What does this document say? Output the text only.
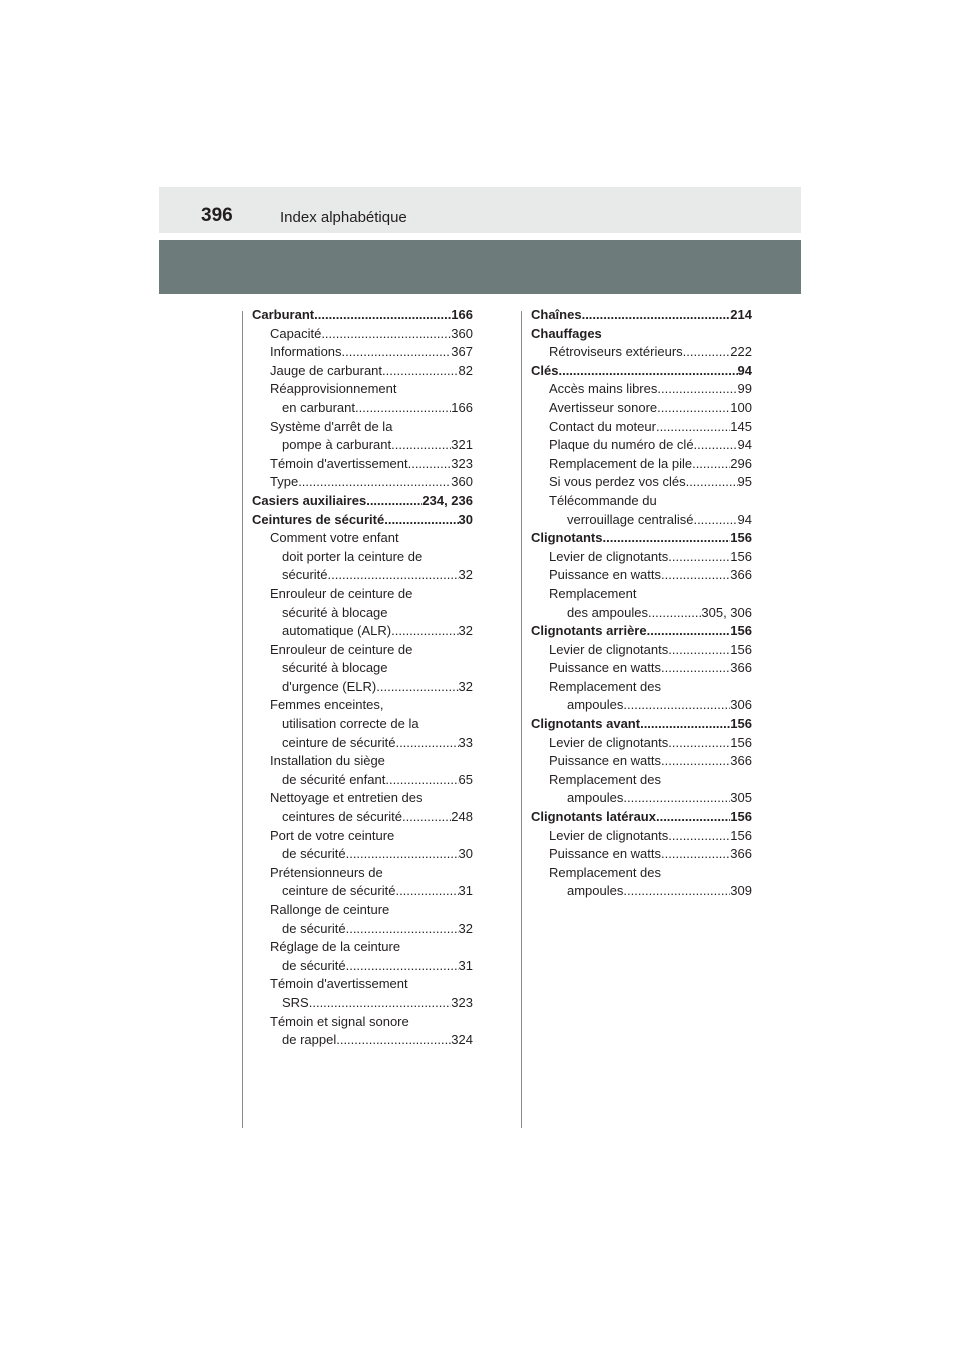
396	Index alphabétique
Carburant .....	166
Capacité .....	360
Informations .....	367
Jauge de carburant .....	82
Réapprovisionnement
en carburant .....	166
Système d'arrêt de la
pompe à carburant .....	321
Témoin d'avertissement .....	323
Type .....	360
Casiers auxiliaires .....	234, 236
Ceintures de sécurité .....	30
Comment votre enfant
doit porter la ceinture de
sécurité .....	32
Enrouleur de ceinture de
sécurité à blocage
automatique (ALR) .....	32
Enrouleur de ceinture de
sécurité à blocage
d'urgence (ELR) .....	32
Femmes enceintes,
utilisation correcte de la
ceinture de sécurité .....	33
Installation du siège
de sécurité enfant .....	65
Nettoyage et entretien des
ceintures de sécurité .....	248
Port de votre ceinture
de sécurité .....	30
Prétensionneurs de
ceinture de sécurité .....	31
Rallonge de ceinture
de sécurité .....	32
Réglage de la ceinture
de sécurité .....	31
Témoin d'avertissement
SRS .....	323
Témoin et signal sonore
de rappel .....	324
Chaînes .....	214
Chauffages
Rétroviseurs extérieurs .....	222
Clés .....	94
Accès mains libres .....	99
Avertisseur sonore .....	100
Contact du moteur .....	145
Plaque du numéro de clé .....	94
Remplacement de la pile .....	296
Si vous perdez vos clés .....	95
Télécommande du
verrouillage centralisé .....	94
Clignotants .....	156
Levier de clignotants .....	156
Puissance en watts .....	366
Remplacement
des ampoules .....	305, 306
Clignotants arrière .....	156
Levier de clignotants .....	156
Puissance en watts .....	366
Remplacement des
ampoules .....	306
Clignotants avant .....	156
Levier de clignotants .....	156
Puissance en watts .....	366
Remplacement des
ampoules .....	305
Clignotants latéraux .....	156
Levier de clignotants .....	156
Puissance en watts .....	366
Remplacement des
ampoules .....	309
